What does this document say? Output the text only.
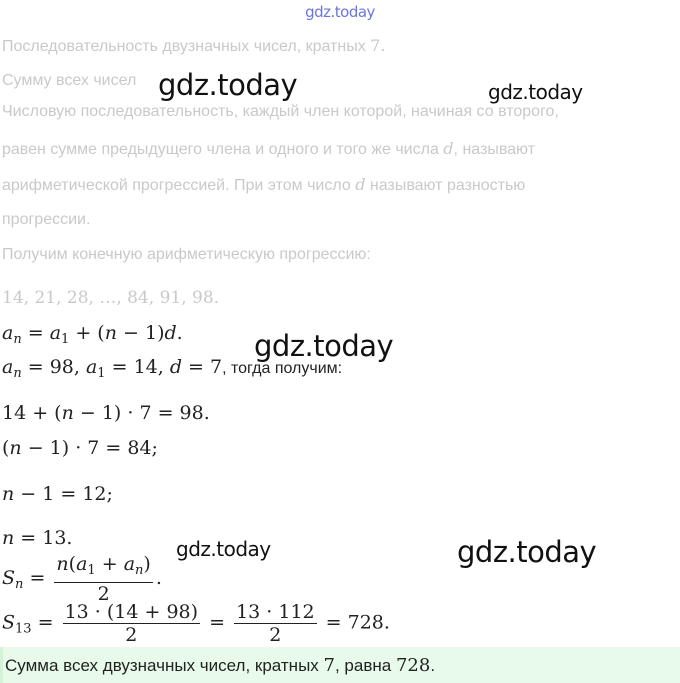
gdz.today
gdz.today	gdz.today
gdz.today
gdz.today	gdz.today
Последовательность двузначных чисел, кратных 7.
Сумму всех чисел
Числовую последовательность, каждый член которой, начиная со второго,
равен сумме предыдущего члена и одного и того же числа d, называют
арифметической прогрессией. При этом число d называют разностью
прогрессии.
Получим конечную арифметическую прогрессию:
14, 21, 28, …, 84, 91, 98.
$a_n = a_1 + (n - 1)d$.
$a_n = 98$, $a_1 = 14$, d = 7, тогда получим:
14 + (n − 1) · 7 = 98.
(n − 1) · 7 = 84;
n − 1 = 12;
n = 13.
$S_n = \frac{n(a_1 + a_n)}{2}$ .
$S_{13} = \frac{13 \cdot (14 + 98)}{2} = \frac{13 \cdot 112}{2} = 728$.
Сумма всех двузначных чисел, кратных 7, равна 728.
